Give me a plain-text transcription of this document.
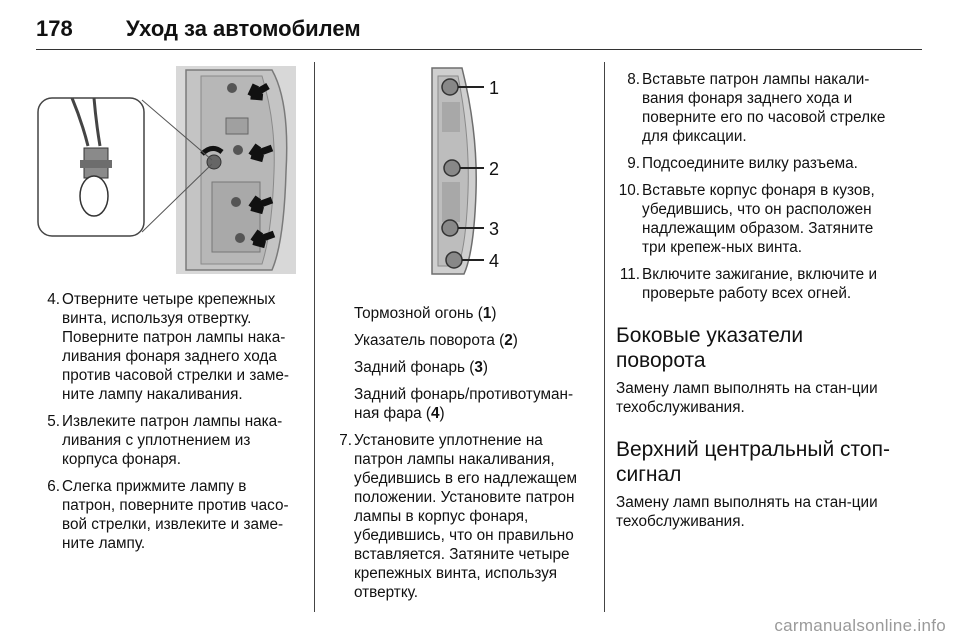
178 Уход за автомобилем
1
2
3
4
4. Отверните четыре крепежных винта, используя отвертку. Поверните патрон лампы нака-ливания фонаря заднего хода против часовой стрелки и заме-ните лампу накаливания.
5. Извлеките патрон лампы нака-ливания с уплотнением из корпуса фонаря.
6. Слегка прижмите лампу в патрон, поверните против часо-вой стрелки, извлеките и заме-ните лампу.
Тормозной огонь (1)
Указатель поворота (2)
Задний фонарь (3)
Задний фонарь/противотуман-ная фара (4)
7. Установите уплотнение на патрон лампы накаливания, убедившись в его надлежащем положении. Установите патрон лампы в корпус фонаря, убедившись, что он правильно вставляется. Затяните четыре крепежных винта, используя отвертку.
8. Вставьте патрон лампы накали-вания фонаря заднего хода и поверните его по часовой стрелке для фиксации.
9. Подсоедините вилку разъема.
10. Вставьте корпус фонаря в кузов, убедившись, что он расположен надлежащим образом. Затяните три крепеж-ных винта.
11. Включите зажигание, включите и проверьте работу всех огней.
Боковые указатели поворота
Замену ламп выполнять на стан-ции техобслуживания.
Верхний центральный стоп-сигнал
Замену ламп выполнять на стан-ции техобслуживания.
carmanualsonline.info
